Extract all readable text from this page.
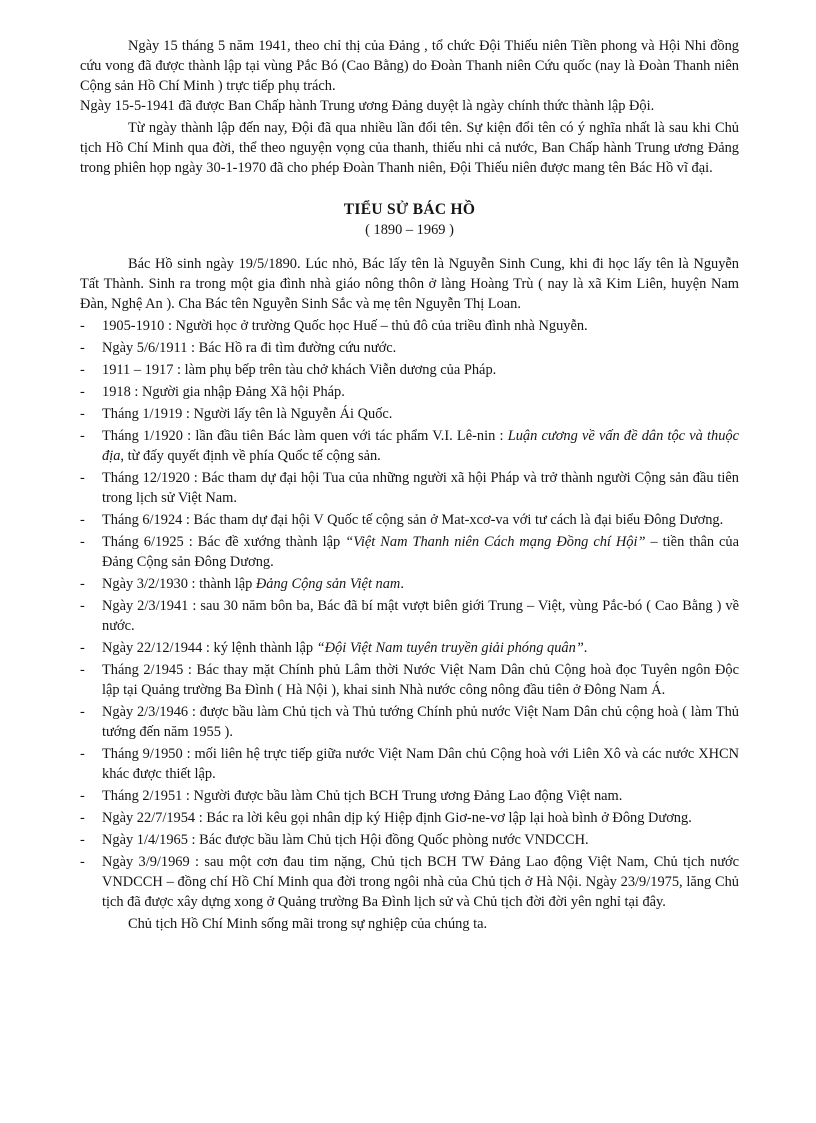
Ngày 15 tháng 5 năm 1941, theo chỉ thị của Đảng , tổ chức Đội Thiếu niên Tiền phong và Hội Nhi đồng cứu vong đã được thành lập tại vùng Pắc Bó (Cao Bằng) do Đoàn Thanh niên Cứu quốc (nay là Đoàn Thanh niên Cộng sản Hồ Chí Minh ) trực tiếp phụ trách.

Ngày 15-5-1941 đã được Ban Chấp hành Trung ương Đảng duyệt là ngày chính thức thành lập Đội.

Từ ngày thành lập đến nay, Đội đã qua nhiều lần đổi tên. Sự kiện đổi tên có ý nghĩa nhất là sau khi Chủ tịch Hồ Chí Minh qua đời, thể theo nguyện vọng của thanh, thiếu nhi cả nước, Ban Chấp hành Trung ương Đảng trong phiên họp ngày 30-1-1970 đã cho phép Đoàn Thanh niên, Đội Thiếu niên được mang tên Bác Hồ vĩ đại.

TIỂU SỬ BÁC HỒ
( 1890 – 1969 )

Bác Hồ sinh ngày 19/5/1890. Lúc nhỏ, Bác lấy tên là Nguyễn Sinh Cung, khi đi học lấy tên là Nguyễn Tất Thành. Sinh ra trong một gia đình nhà giáo nông thôn ở làng Hoàng Trù ( nay là xã Kim Liên, huyện Nam Đàn, Nghệ An ). Cha Bác tên Nguyễn Sinh Sắc và mẹ tên Nguyễn Thị Loan.

- 1905-1910 : Người học ở trường Quốc học Huế – thủ đô của triều đình nhà Nguyễn.
- Ngày 5/6/1911 : Bác Hồ ra đi tìm đường cứu nước.
- 1911 – 1917 : làm phụ bếp trên tàu chở khách Viễn dương của Pháp.
- 1918 : Người gia nhập Đảng Xã hội Pháp.
- Tháng 1/1919 : Người lấy tên là Nguyễn Ái Quốc.
- Tháng 1/1920 : lần đầu tiên Bác làm quen với tác phẩm V.I. Lê-nin : Luận cương về vấn đề dân tộc và thuộc địa, từ đấy quyết định về phía Quốc tế cộng sản.
- Tháng 12/1920 : Bác tham dự đại hội Tua của những người xã hội Pháp và trở thành người Cộng sản đầu tiên trong lịch sử Việt Nam.
- Tháng 6/1924 : Bác tham dự đại hội V Quốc tế cộng sản ở Mat-xcơ-va với tư cách là đại biểu Đông Dương.
- Tháng 6/1925 : Bác đề xướng thành lập “Việt Nam Thanh niên Cách mạng Đồng chí Hội” – tiền thân của Đảng Cộng sản Đông Dương.
- Ngày 3/2/1930 : thành lập Đảng Cộng sản Việt nam.
- Ngày 2/3/1941 : sau 30 năm bôn ba, Bác đã bí mật vượt biên giới Trung – Việt, vùng Pắc-bó ( Cao Bằng ) về nước.
- Ngày 22/12/1944 : ký lệnh thành lập “Đội Việt Nam tuyên truyền giải phóng quân”.
- Tháng 2/1945 : Bác thay mặt Chính phủ Lâm thời Nước Việt Nam Dân chủ Cộng hoà đọc Tuyên ngôn Độc lập tại Quảng trường Ba Đình ( Hà Nội ), khai sinh Nhà nước công nông đầu tiên ở Đông Nam Á.
- Ngày 2/3/1946 : được bầu làm Chủ tịch và Thủ tướng Chính phủ nước Việt Nam Dân chủ cộng hoà ( làm Thủ tướng đến năm 1955 ).
- Tháng 9/1950 : mối liên hệ trực tiếp giữa nước Việt Nam Dân chủ Cộng hoà với Liên Xô và các nước XHCN khác được thiết lập.
- Tháng 2/1951 : Người được bầu làm Chủ tịch BCH Trung ương Đảng Lao động Việt nam.
- Ngày 22/7/1954 : Bác ra lời kêu gọi nhân dịp ký Hiệp định Giơ-ne-vơ lập lại hoà bình ở Đông Dương.
- Ngày 1/4/1965 : Bác được bầu làm Chủ tịch Hội đồng Quốc phòng nước VNDCCH.
- Ngày 3/9/1969 : sau một cơn đau tim nặng, Chủ tịch BCH TW Đảng Lao động Việt Nam, Chủ tịch nước VNDCCH – đồng chí Hồ Chí Minh qua đời trong ngôi nhà của Chủ tịch ở Hà Nội. Ngày 23/9/1975, lăng Chủ tịch đã được xây dựng xong ở Quảng trường Ba Đình lịch sử và Chủ tịch đời đời yên nghỉ tại đây.

Chủ tịch Hồ Chí Minh sống mãi trong sự nghiệp của chúng ta.
